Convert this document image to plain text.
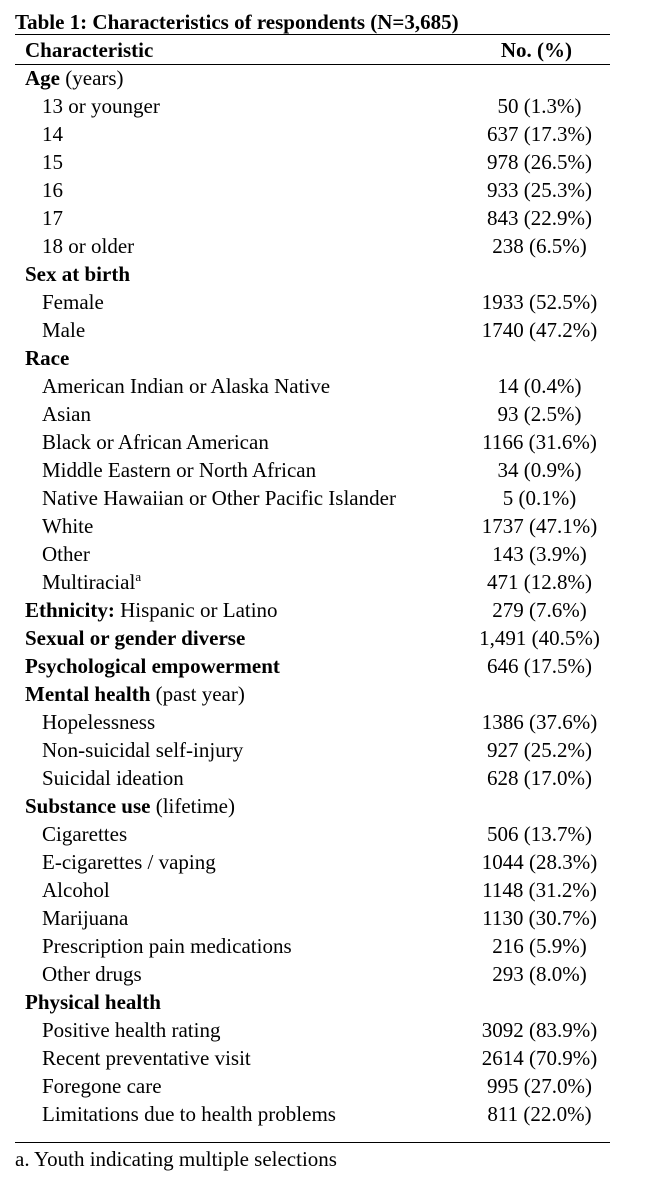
Table 1: Characteristics of respondents (N=3,685)
Characteristic	No. (%)
Age (years)
13 or younger	50 (1.3%)
14	637 (17.3%)
15	978 (26.5%)
16	933 (25.3%)
17	843 (22.9%)
18 or older	238 (6.5%)
Sex at birth
Female	1933 (52.5%)
Male	1740 (47.2%)
Race
American Indian or Alaska Native	14 (0.4%)
Asian	93 (2.5%)
Black or African American	1166 (31.6%)
Middle Eastern or North African	34 (0.9%)
Native Hawaiian or Other Pacific Islander	5 (0.1%)
White	1737 (47.1%)
Other	143 (3.9%)
Multiracial$^a$	471 (12.8%)
Ethnicity: Hispanic or Latino	279 (7.6%)
Sexual or gender diverse	1,491 (40.5%)
Psychological empowerment	646 (17.5%)
Mental health (past year)
Hopelessness	1386 (37.6%)
Non-suicidal self-injury	927 (25.2%)
Suicidal ideation	628 (17.0%)
Substance use (lifetime)
Cigarettes	506 (13.7%)
E-cigarettes / vaping	1044 (28.3%)
Alcohol	1148 (31.2%)
Marijuana	1130 (30.7%)
Prescription pain medications	216 (5.9%)
Other drugs	293 (8.0%)
Physical health
Positive health rating	3092 (83.9%)
Recent preventative visit	2614 (70.9%)
Foregone care	995 (27.0%)
Limitations due to health problems	811 (22.0%)
a. Youth indicating multiple selections
